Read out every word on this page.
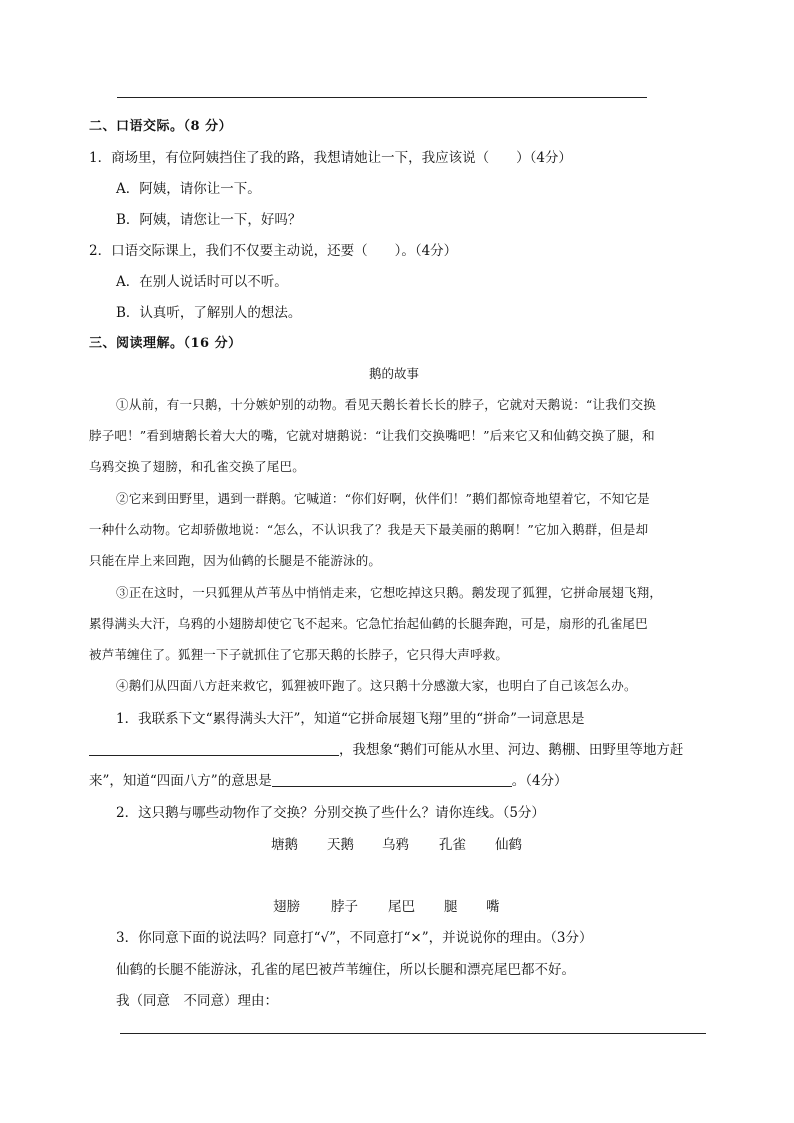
二、口语交际。（8 分）
1．商场里，有位阿姨挡住了我的路，我想请她让一下，我应该说（　　）（4分）
A．阿姨，请你让一下。
B．阿姨，请您让一下，好吗？
2．口语交际课上，我们不仅要主动说，还要（　　）。（4分）
A．在别人说话时可以不听。
B．认真听，了解别人的想法。
三、阅读理解。（16 分）
鹅的故事
①从前，有一只鹅，十分嫉妒别的动物。看见天鹅长着长长的脖子，它就对天鹅说：“让我们交换
脖子吧！”看到塘鹅长着大大的嘴，它就对塘鹅说：“让我们交换嘴吧！”后来它又和仙鹤交换了腿，和
乌鸦交换了翅膀，和孔雀交换了尾巴。
②它来到田野里，遇到一群鹅。它喊道：“你们好啊，伙伴们！”鹅们都惊奇地望着它，不知它是
一种什么动物。它却骄傲地说：“怎么，不认识我了？我是天下最美丽的鹅啊！”它加入鹅群，但是却
只能在岸上来回跑，因为仙鹤的长腿是不能游泳的。
③正在这时，一只狐狸从芦苇丛中悄悄走来，它想吃掉这只鹅。鹅发现了狐狸，它拼命展翅飞翔，
累得满头大汗，乌鸦的小翅膀却使它飞不起来。它急忙抬起仙鹤的长腿奔跑，可是，扇形的孔雀尾巴
被芦苇缠住了。狐狸一下子就抓住了它那天鹅的长脖子，它只得大声呼救。
④鹅们从四面八方赶来救它，狐狸被吓跑了。这只鹅十分感激大家，也明白了自己该怎么办。
1．我联系下文“累得满头大汗”，知道“它拼命展翅飞翔”里的“拼命”一词意思是
，我想象“鹅们可能从水里、河边、鹅棚、田野里等地方赶
来”，知道“四面八方”的意思是	。（4分）
2．这只鹅与哪些动物作了交换？分别交换了些什么？请你连线。（5分）
塘鹅 天鹅 乌鸦 孔雀 仙鹤
翅膀 脖子 尾巴 腿 嘴
3．你同意下面的说法吗？同意打“√”，不同意打“×”，并说说你的理由。（3分）
仙鹤的长腿不能游泳，孔雀的尾巴被芦苇缠住，所以长腿和漂亮尾巴都不好。
我（同意　不同意）理由：
